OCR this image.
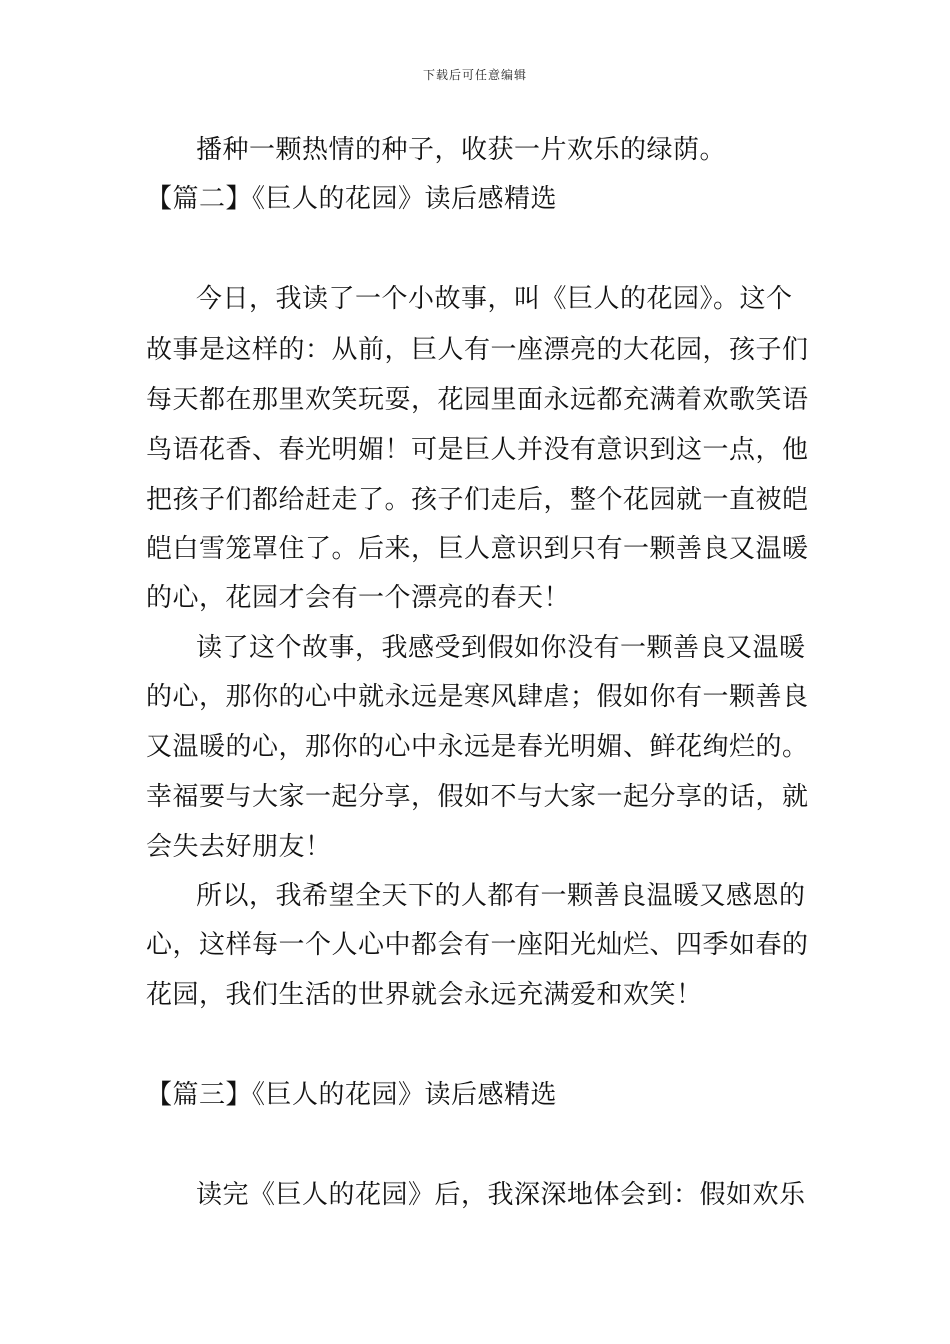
下载后可任意编辑
播种一颗热情的种子，收获一片欢乐的绿荫。
【篇二】《巨人的花园》读后感精选
今日，我读了一个小故事，叫《巨人的花园》。这个
故事是这样的：从前，巨人有一座漂亮的大花园，孩子们
每天都在那里欢笑玩耍，花园里面永远都充满着欢歌笑语
鸟语花香、春光明媚！可是巨人并没有意识到这一点，他
把孩子们都给赶走了。孩子们走后，整个花园就一直被皑
皑白雪笼罩住了。后来，巨人意识到只有一颗善良又温暖
的心，花园才会有一个漂亮的春天！
读了这个故事，我感受到假如你没有一颗善良又温暖
的心，那你的心中就永远是寒风肆虐；假如你有一颗善良
又温暖的心，那你的心中永远是春光明媚、鲜花绚烂的。
幸福要与大家一起分享，假如不与大家一起分享的话，就
会失去好朋友！
所以，我希望全天下的人都有一颗善良温暖又感恩的
心，这样每一个人心中都会有一座阳光灿烂、四季如春的
花园，我们生活的世界就会永远充满爱和欢笑！
【篇三】《巨人的花园》读后感精选
读完《巨人的花园》后，我深深地体会到：假如欢乐
